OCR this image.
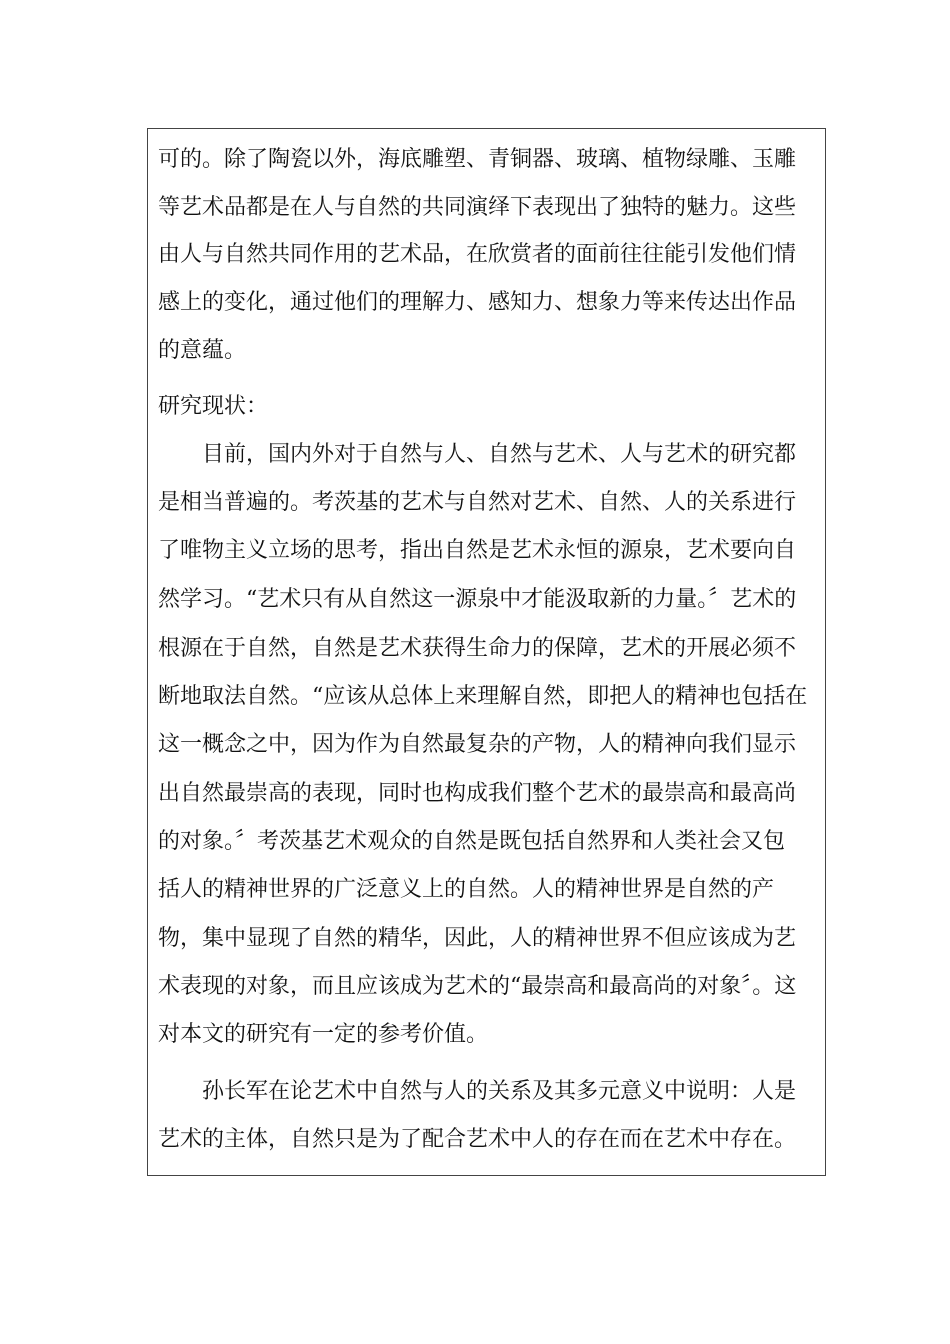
可的。除了陶瓷以外，海底雕塑、青铜器、玻璃、植物绿雕、玉雕
等艺术品都是在人与自然的共同演绎下表现出了独特的魅力。这些
由人与自然共同作用的艺术品，在欣赏者的面前往往能引发他们情
感上的变化，通过他们的理解力、感知力、想象力等来传达出作品
的意蕴。
研究现状：
　　目前，国内外对于自然与人、自然与艺术、人与艺术的研究都
是相当普遍的。考茨基的艺术与自然对艺术、自然、人的关系进行
了唯物主义立场的思考，指出自然是艺术永恒的源泉，艺术要向自
然学习。“艺术只有从自然这一源泉中才能汲取新的力量。〞艺术的
根源在于自然，自然是艺术获得生命力的保障，艺术的开展必须不
断地取法自然。“应该从总体上来理解自然，即把人的精神也包括在
这一概念之中，因为作为自然最复杂的产物，人的精神向我们显示
出自然最崇高的表现，同时也构成我们整个艺术的最崇高和最高尚
的对象。〞考茨基艺术观众的自然是既包括自然界和人类社会又包
括人的精神世界的广泛意义上的自然。人的精神世界是自然的产
物，集中显现了自然的精华，因此，人的精神世界不但应该成为艺
术表现的对象，而且应该成为艺术的“最崇高和最高尚的对象〞。这
对本文的研究有一定的参考价值。
　　孙长军在论艺术中自然与人的关系及其多元意义中说明：人是
艺术的主体，自然只是为了配合艺术中人的存在而在艺术中存在。
